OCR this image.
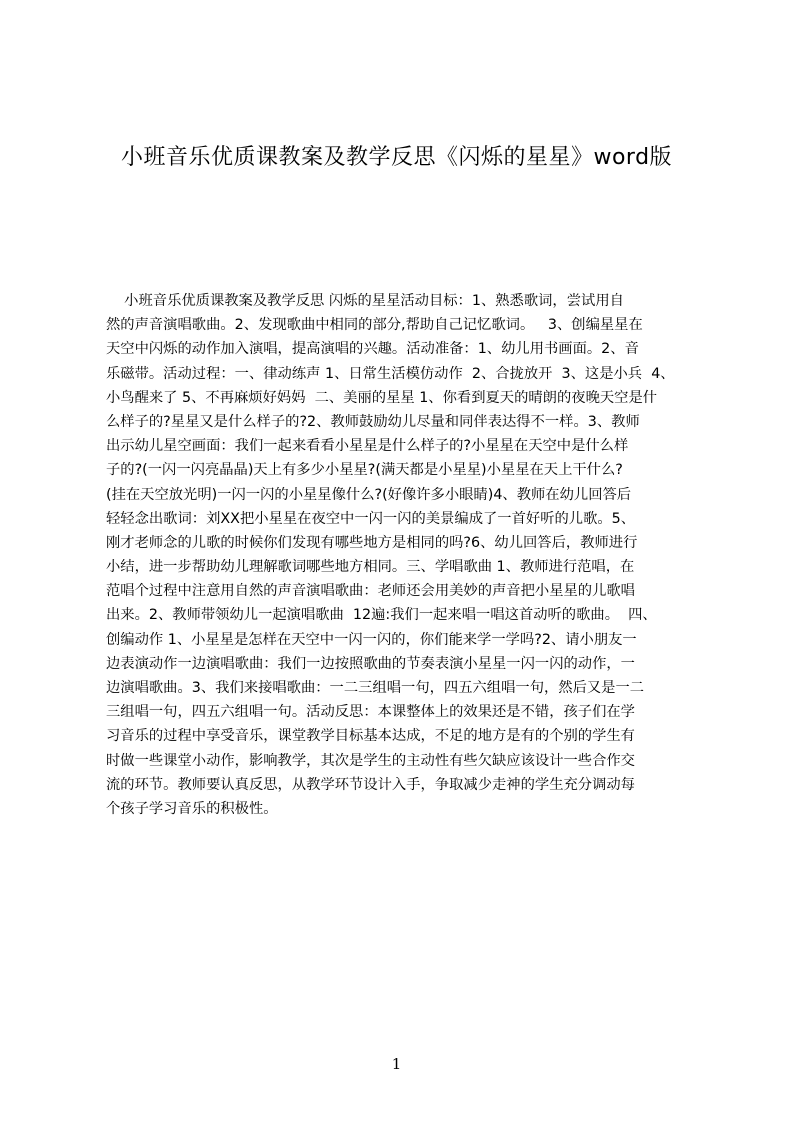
小班音乐优质课教案及教学反思《闪烁的星星》word版
小班音乐优质课教案及教学反思 闪烁的星星活动目标：1、熟悉歌词，尝试用自
然的声音演唱歌曲。2、发现歌曲中相同的部分,帮助自己记忆歌词。   3、创编星星在
天空中闪烁的动作加入演唱，提高演唱的兴趣。活动准备：1、幼儿用书画面。2、音
乐磁带。活动过程：一、律动练声 1、日常生活模仿动作  2、合拢放开  3、这是小兵  4、
小鸟醒来了 5、不再麻烦好妈妈  二、美丽的星星 1、你看到夏天的晴朗的夜晚天空是什
么样子的?星星又是什么样子的?2、教师鼓励幼儿尽量和同伴表达得不一样。3、教师
出示幼儿星空画面：我们一起来看看小星星是什么样子的?小星星在天空中是什么样
子的?(一闪一闪亮晶晶)天上有多少小星星?(满天都是小星星)小星星在天上干什么?
(挂在天空放光明)一闪一闪的小星星像什么?(好像许多小眼睛)4、教师在幼儿回答后
轻轻念出歌词：刘XX把小星星在夜空中一闪一闪的美景编成了一首好听的儿歌。5、
刚才老师念的儿歌的时候你们发现有哪些地方是相同的吗?6、幼儿回答后，教师进行
小结，进一步帮助幼儿理解歌词哪些地方相同。三、学唱歌曲 1、教师进行范唱，在
范唱个过程中注意用自然的声音演唱歌曲：老师还会用美妙的声音把小星星的儿歌唱
出来。2、教师带领幼儿一起演唱歌曲  12遍:我们一起来唱一唱这首动听的歌曲。  四、
创编动作 1、小星星是怎样在天空中一闪一闪的，你们能来学一学吗?2、请小朋友一
边表演动作一边演唱歌曲：我们一边按照歌曲的节奏表演小星星一闪一闪的动作，一
边演唱歌曲。3、我们来接唱歌曲：一二三组唱一句，四五六组唱一句，然后又是一二
三组唱一句，四五六组唱一句。活动反思：本课整体上的效果还是不错，孩子们在学
习音乐的过程中享受音乐，课堂教学目标基本达成，不足的地方是有的个别的学生有
时做一些课堂小动作，影响教学，其次是学生的主动性有些欠缺应该设计一些合作交
流的环节。教师要认真反思，从教学环节设计入手，争取减少走神的学生充分调动每
个孩子学习音乐的积极性。
1
